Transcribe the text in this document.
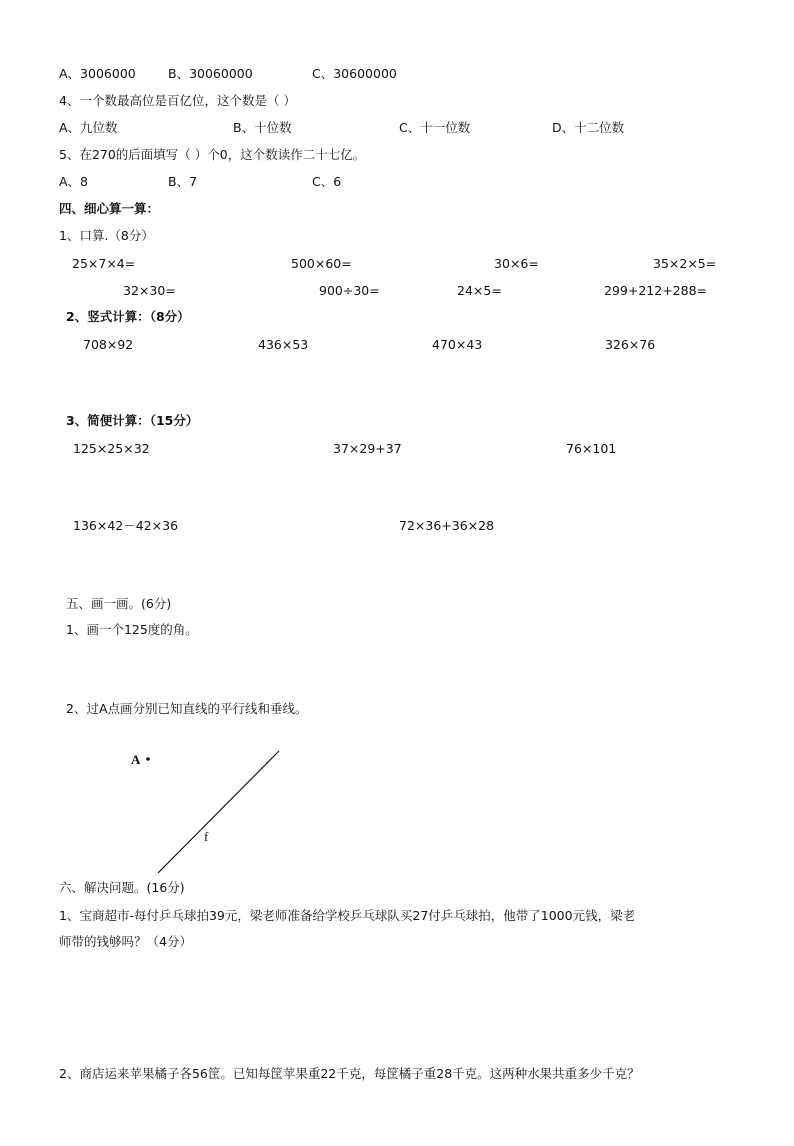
A、3006000	B、30060000	C、30600000
4、一个数最高位是百亿位，这个数是（ ）
A、九位数	B、十位数	C、十一位数	D、十二位数
5、在270的后面填写（ ）个0，这个数读作二十七亿。
A、8	B、7	C、6
四、细心算一算：
1、口算.（8分）
25×7×4=	500×60=	30×6=	35×2×5=
32×30=	900÷30=	24×5=	299+212+288=
2、竖式计算：（8分）
708×92	436×53	470×43	326×76
3、简便计算：（15分）
125×25×32	37×29+37	76×101
136×42－42×36	72×36+36×28
五、画一画。(6分)
1、画一个125度的角。
2、过A点画分别已知直线的平行线和垂线。
A
f
六、解决问题。(16分)
1、宝商超市-每付乒乓球拍39元，梁老师准备给学校乒乓球队买27付乒乓球拍，他带了1000元钱，梁老
师带的钱够吗？（4分）
2、商店运来苹果橘子各56筐。已知每筐苹果重22千克，每筐橘子重28千克。这两种水果共重多少千克？
